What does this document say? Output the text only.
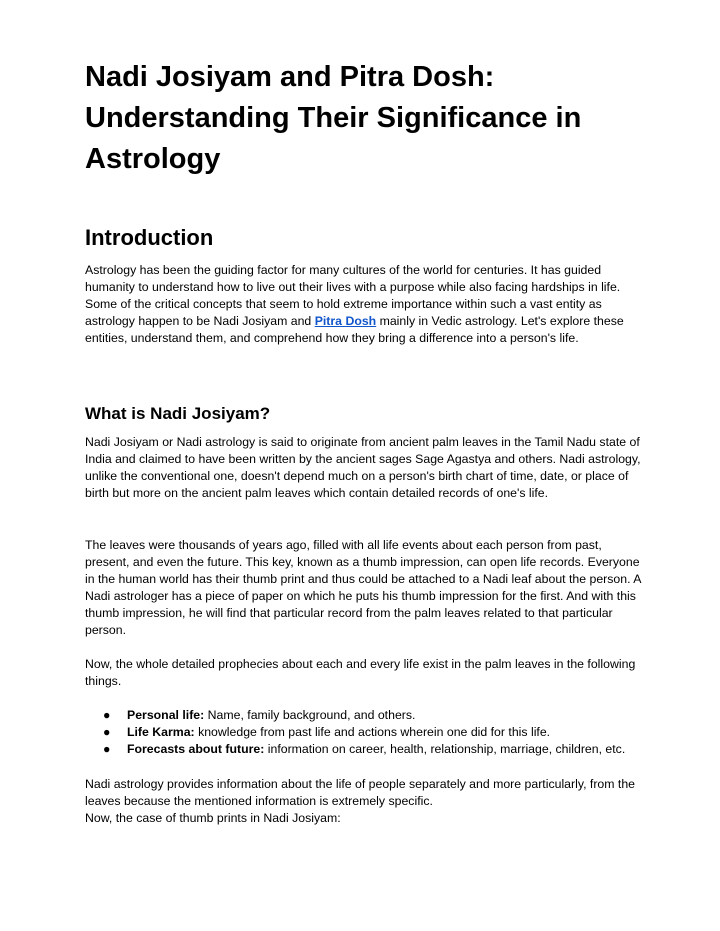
Nadi Josiyam and Pitra Dosh: Understanding Their Significance in Astrology
Introduction

Astrology has been the guiding factor for many cultures of the world for centuries. It has guided humanity to understand how to live out their lives with a purpose while also facing hardships in life. Some of the critical concepts that seem to hold extreme importance within such a vast entity as astrology happen to be Nadi Josiyam and Pitra Dosh mainly in Vedic astrology. Let's explore these entities, understand them, and comprehend how they bring a difference into a person's life.

What is Nadi Josiyam?

Nadi Josiyam or Nadi astrology is said to originate from ancient palm leaves in the Tamil Nadu state of India and claimed to have been written by the ancient sages Sage Agastya and others. Nadi astrology, unlike the conventional one, doesn't depend much on a person's birth chart of time, date, or place of birth but more on the ancient palm leaves which contain detailed records of one's life.

The leaves were thousands of years ago, filled with all life events about each person from past, present, and even the future. This key, known as a thumb impression, can open life records. Everyone in the human world has their thumb print and thus could be attached to a Nadi leaf about the person. A Nadi astrologer has a piece of paper on which he puts his thumb impression for the first. And with this thumb impression, he will find that particular record from the palm leaves related to that particular person.

Now, the whole detailed prophecies about each and every life exist in the palm leaves in the following things.

● Personal life: Name, family background, and others.
● Life Karma: knowledge from past life and actions wherein one did for this life.
● Forecasts about future: information on career, health, relationship, marriage, children, etc.

Nadi astrology provides information about the life of people separately and more particularly, from the leaves because the mentioned information is extremely specific.

Now, the case of thumb prints in Nadi Josiyam:
